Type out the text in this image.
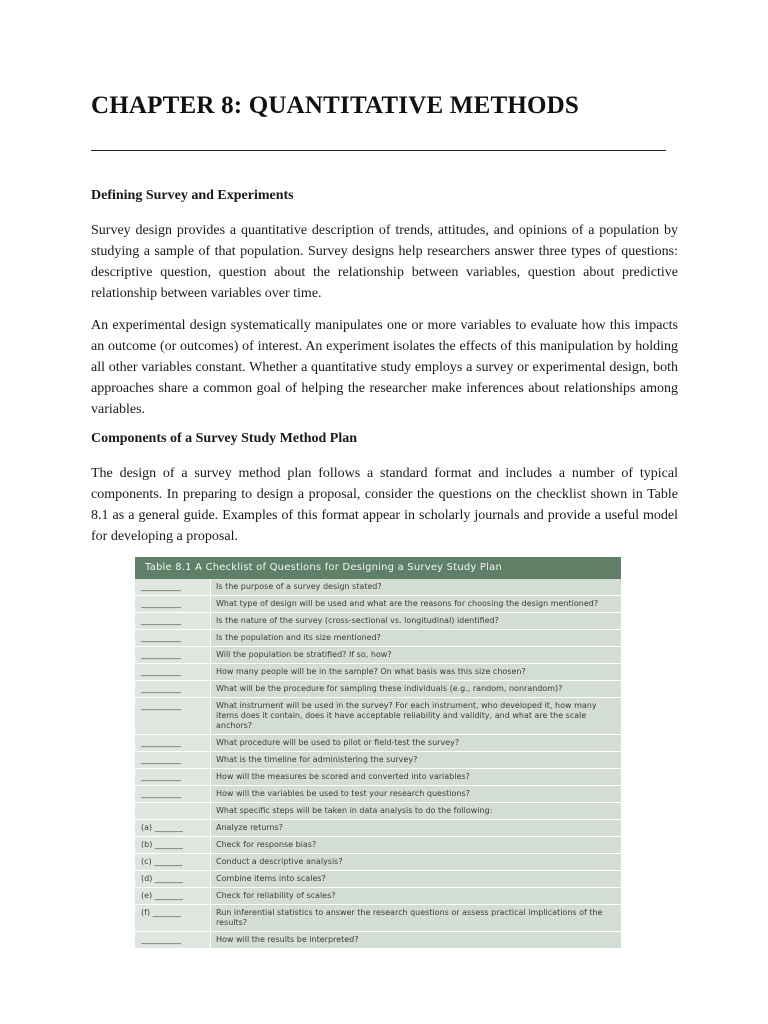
CHAPTER 8: QUANTITATIVE METHODS
Defining Survey and Experiments

Survey design provides a quantitative description of trends, attitudes, and opinions of a population by studying a sample of that population. Survey designs help researchers answer three types of questions: descriptive question, question about the relationship between variables, question about predictive relationship between variables over time.

An experimental design systematically manipulates one or more variables to evaluate how this impacts an outcome (or outcomes) of interest. An experiment isolates the effects of this manipulation by holding all other variables constant. Whether a quantitative study employs a survey or experimental design, both approaches share a common goal of helping the researcher make inferences about relationships among variables.

Components of a Survey Study Method Plan

The design of a survey method plan follows a standard format and includes a number of typical components. In preparing to design a proposal, consider the questions on the checklist shown in Table 8.1 as a general guide. Examples of this format appear in scholarly journals and provide a useful model for developing a proposal.

Table 8.1 A Checklist of Questions for Designing a Survey Study Plan
__________	Is the purpose of a survey design stated?
__________	What type of design will be used and what are the reasons for choosing the design mentioned?
__________	Is the nature of the survey (cross-sectional vs. longitudinal) identified?
__________	Is the population and its size mentioned?
__________	Will the population be stratified? If so, how?
__________	How many people will be in the sample? On what basis was this size chosen?
__________	What will be the procedure for sampling these individuals (e.g., random, nonrandom)?
__________	What instrument will be used in the survey? For each instrument, who developed it, how many items does it contain, does it have acceptable reliability and validity, and what are the scale anchors?
__________	What procedure will be used to pilot or field-test the survey?
__________	What is the timeline for administering the survey?
__________	How will the measures be scored and converted into variables?
__________	How will the variables be used to test your research questions?
What specific steps will be taken in data analysis to do the following:
(a) _______	Analyze returns?
(b) _______	Check for response bias?
(c) _______	Conduct a descriptive analysis?
(d) _______	Combine items into scales?
(e) _______	Check for reliability of scales?
(f) _______	Run inferential statistics to answer the research questions or assess practical implications of the results?
__________	How will the results be interpreted?
